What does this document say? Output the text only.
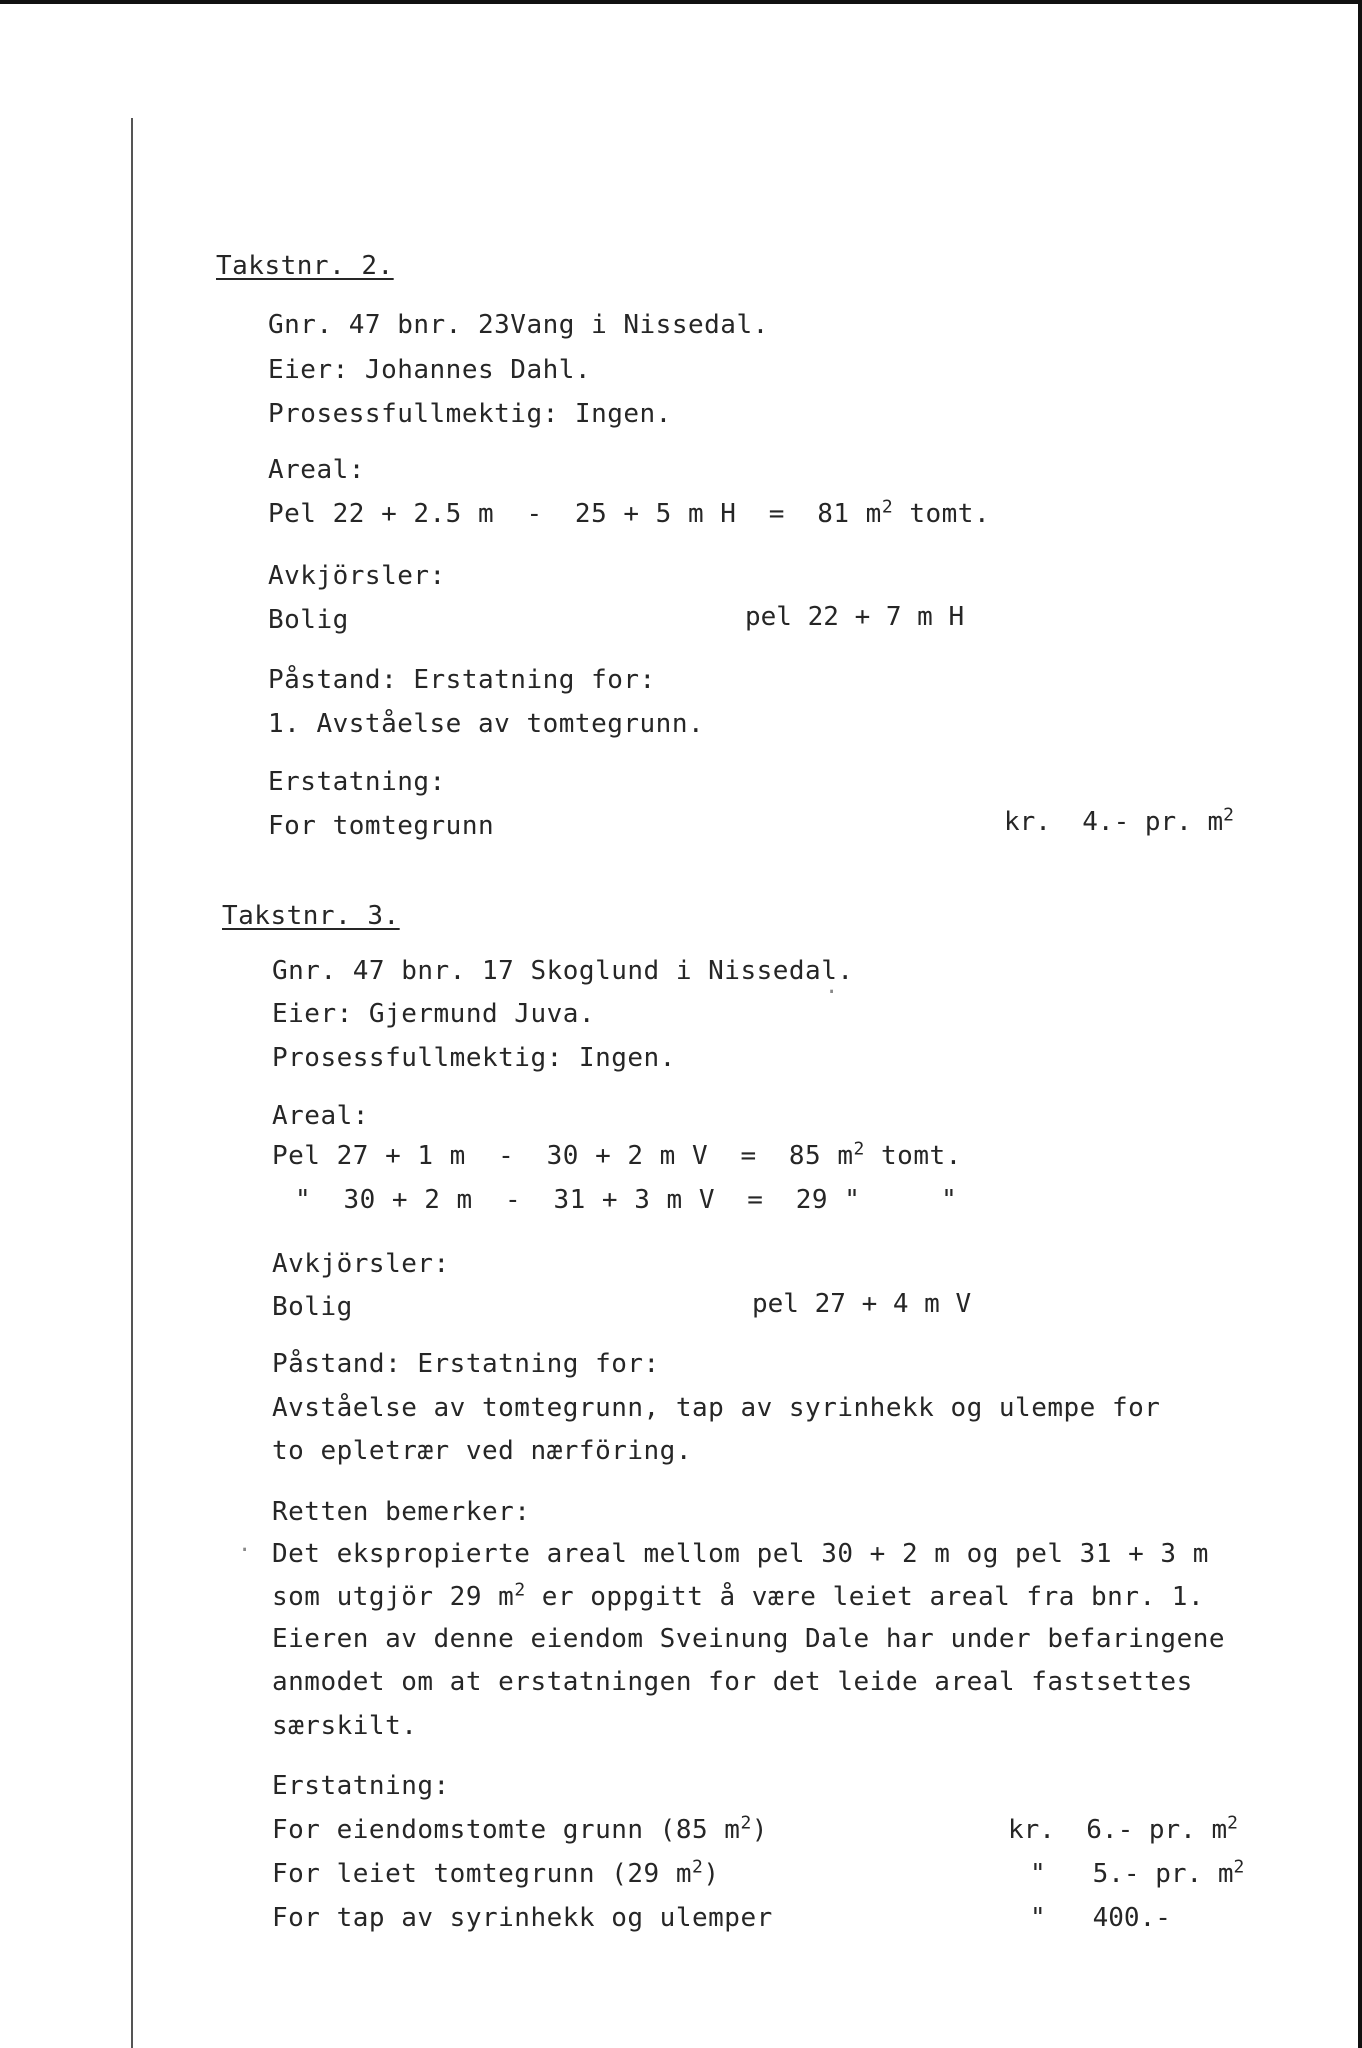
Takstnr. 2.
Gnr. 47 bnr. 23Vang i Nissedal.
Eier: Johannes Dahl.
Prosessfullmektig: Ingen.
Areal:
Pel 22 + 2.5 m  -  25 + 5 m H  =  81 $m^2$ tomt.
Avkjörsler:
Bolig	pel 22 + 7 m H
Påstand: Erstatning for:
1. Avståelse av tomtegrunn.
Erstatning:
For tomtegrunn	kr.  4.- pr. $m^2$
Takstnr. 3.
Gnr. 47 bnr. 17 Skoglund i Nissedal.
·
Eier: Gjermund Juva.
Prosessfullmektig: Ingen.
Areal:
Pel 27 + 1 m  -  30 + 2 m V  =  85 $m^2$ tomt.
"  30 + 2 m  -  31 + 3 m V  =  29 "     "
Avkjörsler:
Bolig	pel 27 + 4 m V
Påstand: Erstatning for:
Avståelse av tomtegrunn, tap av syrinhekk og ulempe for
to epletrær ved nærföring.
Retten bemerker:
· Det ekspropierte areal mellom pel 30 + 2 m og pel 31 + 3 m
som utgjör 29 $m^2$ er oppgitt å være leiet areal fra bnr. 1.
Eieren av denne eiendom Sveinung Dale har under befaringene
anmodet om at erstatningen for det leide areal fastsettes
særskilt.
Erstatning:
For eiendomstomte grunn (85 $m^2$)	kr.  6.- pr. $m^2$
For leiet tomtegrunn (29 $m^2$)	"   5.- pr. $m^2$
For tap av syrinhekk og ulemper	"   400.-
